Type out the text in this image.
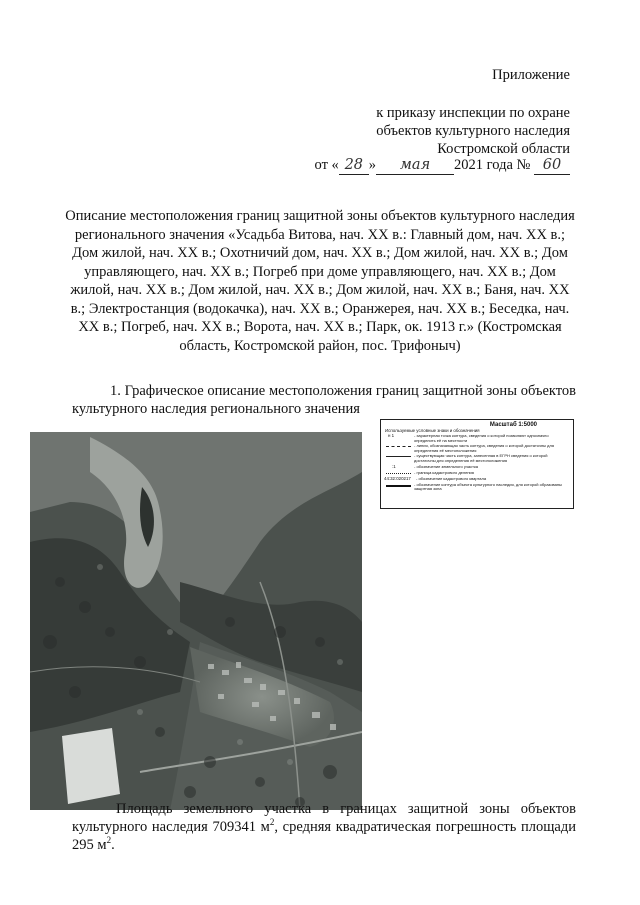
Приложение
к приказу инспекции по охране
объектов культурного наследия
Костромской области
от « 28 » мая 2021 года № 60
Описание местоположения границ защитной зоны объектов культурного наследия регионального значения «Усадьба Витова, нач. XX в.: Главный дом, нач. XX в.; Дом жилой, нач. XX в.; Охотничий дом, нач. XX в.; Дом жилой, нач. XX в.; Дом управляющего, нач. XX в.; Погреб при доме управляющего, нач. XX в.; Дом жилой, нач. XX в.; Дом жилой, нач. XX в.; Дом жилой, нач. XX в.; Баня, нач. XX в.; Электростанция (водокачка), нач. XX в.; Оранжерея, нач. XX в.; Беседка, нач. XX в.; Погреб, нач. XX в.; Ворота, нач. XX в.; Парк, ок. 1913 г.» (Костромская область, Костромской район, пос. Трифоныч)
1. Графическое описание местоположения границ защитной зоны объектов культурного наследия регионального значения
Масштаб 1:5000
Используемые условные знаки и обозначения
н 1	- характерная точка контура, сведения о которой позволяют однозначно определить её на местности
- линия, обозначающая часть контура, сведения о которой достаточны для определения её местоположения
- существующая часть контура, занесенная в ЕГРН сведения о которой достаточны для определения её местоположения
:1	- обозначение земельного участка
- граница кадастрового деления
44:32:020217 - обозначение кадастрового квартала
- обозначение контура объекта культурного наследия, для которой образованы защитная зона
Площадь земельного участка в границах защитной зоны объектов культурного наследия 709341 $м^2$, средняя квадратическая погрешность площади 295 $м^2$.
